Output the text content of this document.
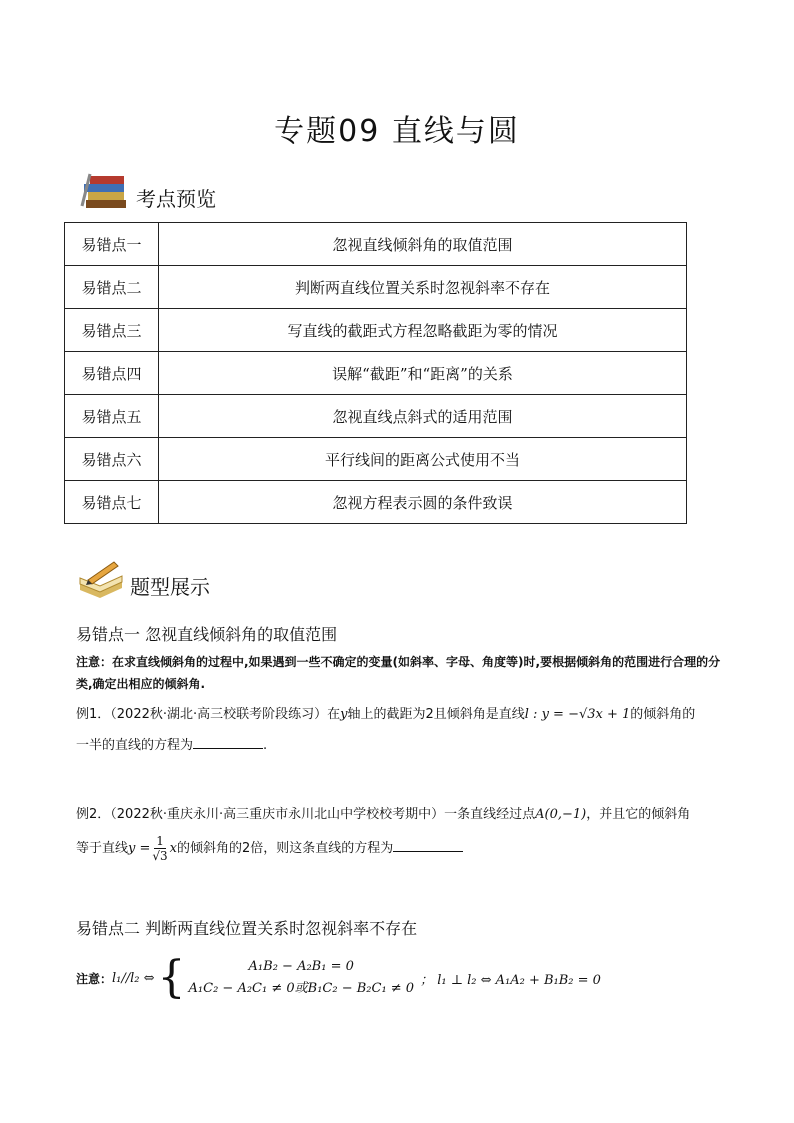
专题09 直线与圆
考点预览
易错点一	忽视直线倾斜角的取值范围
易错点二	判断两直线位置关系时忽视斜率不存在
易错点三	写直线的截距式方程忽略截距为零的情况
易错点四	误解“截距”和“距离”的关系
易错点五	忽视直线点斜式的适用范围
易错点六	平行线间的距离公式使用不当
易错点七	忽视方程表示圆的条件致误
题型展示
易错点一 忽视直线倾斜角的取值范围
注意：在求直线倾斜角的过程中,如果遇到一些不确定的变量(如斜率、字母、角度等)时,要根据倾斜角的范围进行合理的分类,确定出相应的倾斜角.
例1．（2022秋·湖北·高三校联考阶段练习）在y轴上的截距为2且倾斜角是直线l : y = −√3x + 1的倾斜角的

一半的直线的方程为	.
例2．（2022秋·重庆永川·高三重庆市永川北山中学校校考期中）一条直线经过点A(0,−1)，并且它的倾斜角
等于直线$y = \frac{1}{√3}$ x的倾斜角的2倍，则这条直线的方程为
易错点二 判断两直线位置关系时忽视斜率不存在
注意： l₁//l₂ ⇔ {	A₁B₂ − A₂B₁ = 0
A₁C₂ − A₂C₁ ≠ 0或B₁C₂ − B₂C₁ ≠ 0
； l₁ ⊥ l₂ ⇔ A₁A₂ + B₁B₂ = 0
